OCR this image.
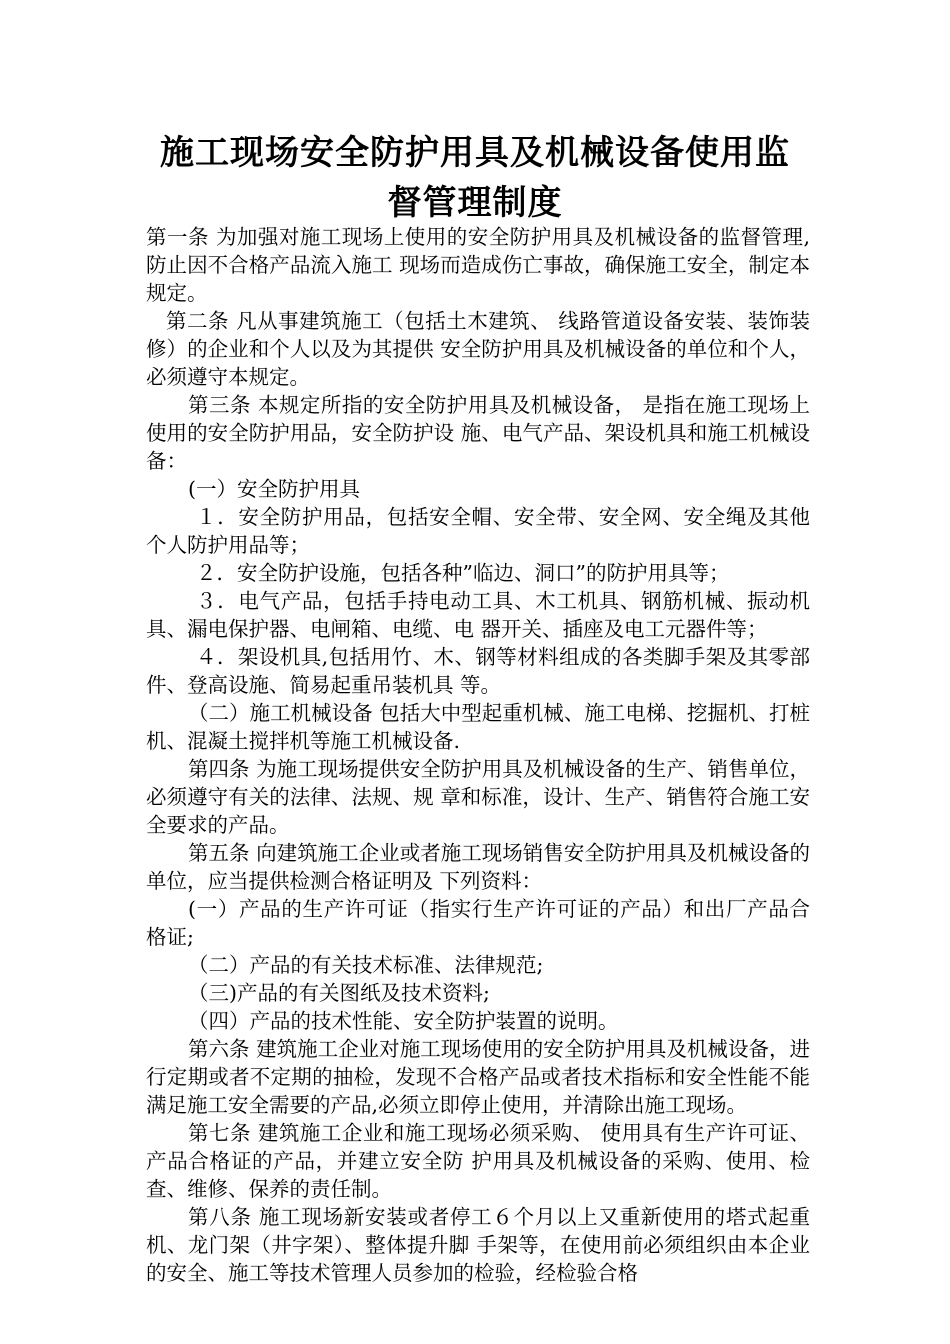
施工现场安全防护用具及机械设备使用监
督管理制度

第一条 为加强对施工现场上使用的安全防护用具及机械设备的监督管理,防止因不合格产品流入施工 现场而造成伤亡事故，确保施工安全，制定本规定。

第二条 凡从事建筑施工（包括土木建筑、 线路管道设备安装、装饰装修）的企业和个人以及为其提供 安全防护用具及机械设备的单位和个人，必须遵守本规定。

第三条 本规定所指的安全防护用具及机械设备， 是指在施工现场上使用的安全防护用品，安全防护设 施、电气产品、架设机具和施工机械设备：

(一）安全防护用具

１．安全防护用品，包括安全帽、安全带、安全网、安全绳及其他个人防护用品等；

２．安全防护设施，包括各种”临边、洞口”的防护用具等；

３．电气产品，包括手持电动工具、木工机具、钢筋机械、振动机具、漏电保护器、电闸箱、电缆、电 器开关、插座及电工元器件等；

４．架设机具,包括用竹、木、钢等材料组成的各类脚手架及其零部件、登高设施、简易起重吊装机具 等。

（二）施工机械设备 包括大中型起重机械、施工电梯、挖掘机、打桩机、混凝土搅拌机等施工机械设备.

第四条 为施工现场提供安全防护用具及机械设备的生产、销售单位，必须遵守有关的法律、法规、规 章和标准，设计、生产、销售符合施工安全要求的产品。

第五条 向建筑施工企业或者施工现场销售安全防护用具及机械设备的单位，应当提供检测合格证明及 下列资料：

(一）产品的生产许可证（指实行生产许可证的产品）和出厂产品合格证;

（二）产品的有关技术标准、法律规范;

（三)产品的有关图纸及技术资料;

（四）产品的技术性能、安全防护装置的说明。

第六条 建筑施工企业对施工现场使用的安全防护用具及机械设备，进行定期或者不定期的抽检，发现不合格产品或者技术指标和安全性能不能满足施工安全需要的产品,必须立即停止使用，并清除出施工现场。

第七条 建筑施工企业和施工现场必须采购、 使用具有生产许可证、产品合格证的产品，并建立安全防 护用具及机械设备的采购、使用、检查、维修、保养的责任制。

第八条 施工现场新安装或者停工６个月以上又重新使用的塔式起重机、龙门架（井字架）、整体提升脚 手架等，在使用前必须组织由本企业的安全、施工等技术管理人员参加的检验，经检验合格
